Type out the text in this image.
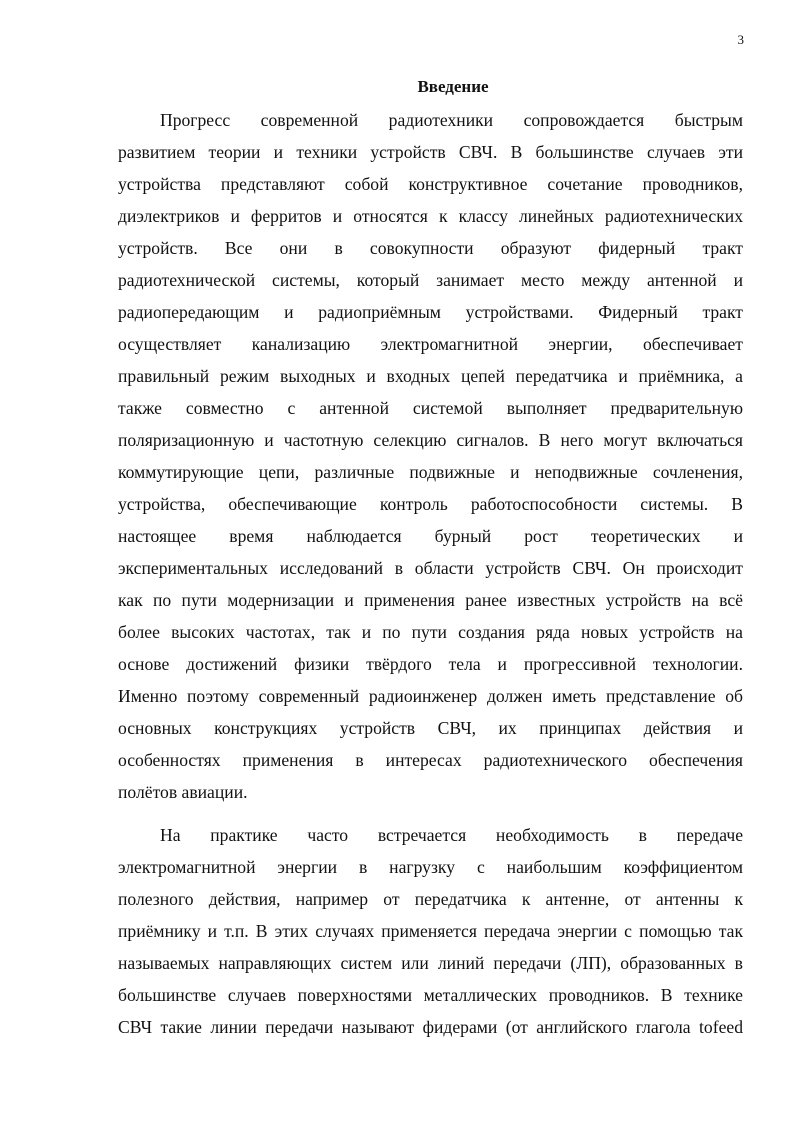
3
Введение
Прогресс современной радиотехники сопровождается быстрым
развитием теории и техники устройств СВЧ. В большинстве случаев эти
устройства представляют собой конструктивное сочетание проводников,
диэлектриков и ферритов и относятся к классу линейных радиотехнических
устройств. Все они в совокупности образуют фидерный тракт
радиотехнической системы, который занимает место между антенной и
радиопередающим и радиоприёмным устройствами. Фидерный тракт
осуществляет канализацию электромагнитной энергии, обеспечивает
правильный режим выходных и входных цепей передатчика и приёмника, а
также совместно с антенной системой выполняет предварительную
поляризационную и частотную селекцию сигналов. В него могут включаться
коммутирующие цепи, различные подвижные и неподвижные сочленения,
устройства, обеспечивающие контроль работоспособности системы. В
настоящее время наблюдается бурный рост теоретических и
экспериментальных исследований в области устройств СВЧ. Он происходит
как по пути модернизации и применения ранее известных устройств на всё
более высоких частотах, так и по пути создания ряда новых устройств на
основе достижений физики твёрдого тела и прогрессивной технологии.
Именно поэтому современный радиоинженер должен иметь представление об
основных конструкциях устройств СВЧ, их принципах действия и
особенностях применения в интересах радиотехнического обеспечения
полётов авиации.
На практике часто встречается необходимость в передаче
электромагнитной энергии в нагрузку с наибольшим коэффициентом
полезного действия, например от передатчика к антенне, от антенны к
приёмнику и т.п. В этих случаях применяется передача энергии с помощью так
называемых направляющих систем или линий передачи (ЛП), образованных в
большинстве случаев поверхностями металлических проводников. В технике
СВЧ такие линии передачи называют фидерами (от английского глагола tofeed
